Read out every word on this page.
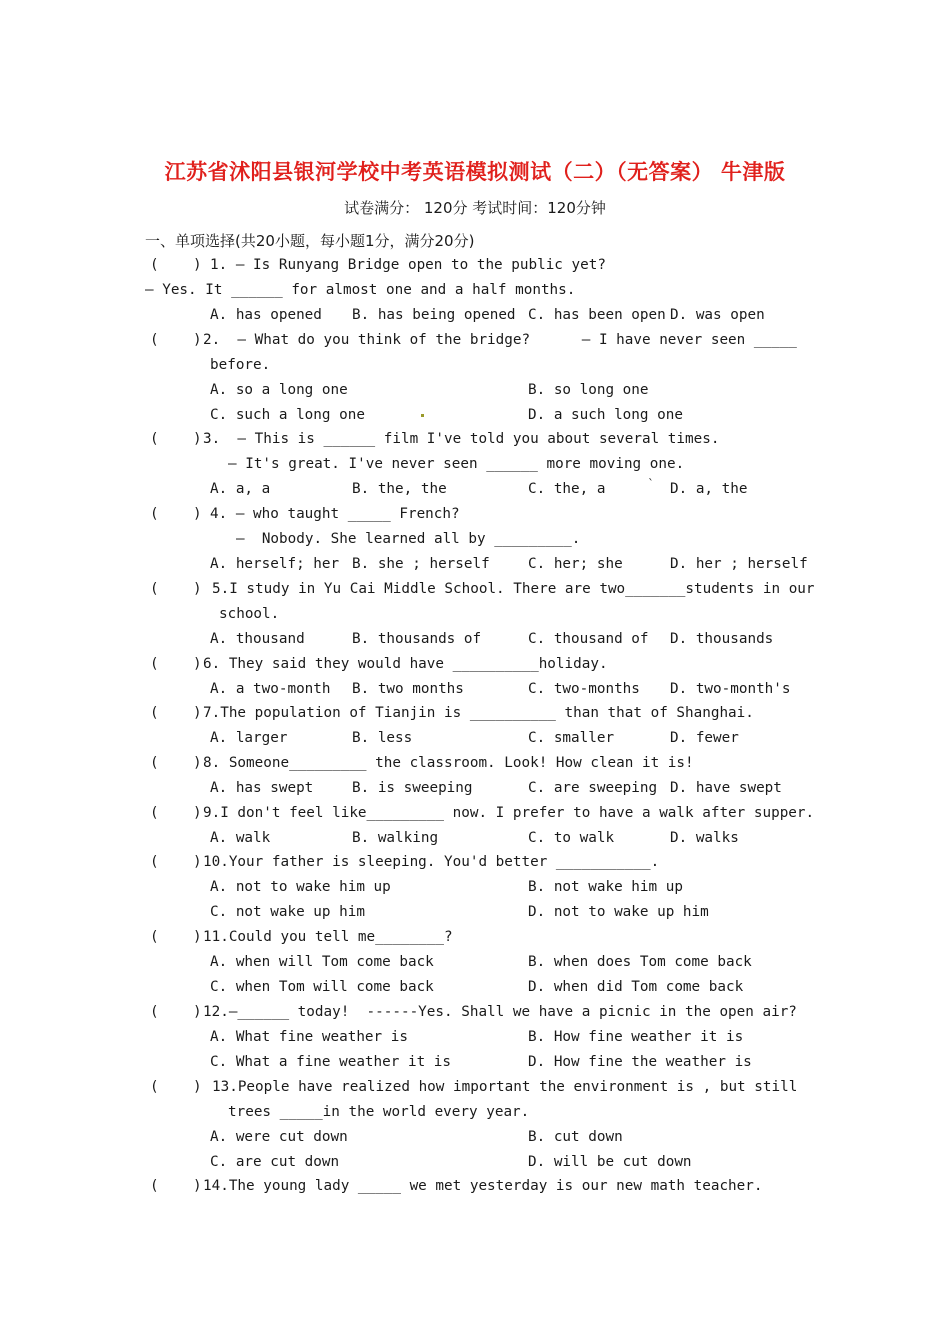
江苏省沭阳县银河学校中考英语模拟测试（二）（无答案） 牛津版
试卷满分： 120分 考试时间：120分钟
一、单项选择(共20小题，每小题1分，满分20分)
(    ) 1. — Is Runyang Bridge open to the public yet?
— Yes. It ______ for almost one and a half months.
A. has opened B. has being opened C. has been open D. was open
(    ) 2.  — What do you think of the bridge?      — I have never seen _____
before.
A. so a long one	B. so long one
C. such a long one	D. a such long one
(    ) 3.  — This is ______ film I've told you about several times.
— It's great. I've never seen ______ more moving one.
A. a, a	B. the, the	C. the, a	D. a, the
(    ) 4. — who taught _____ French?
—  Nobody. She learned all by _________.
A. herself; her B. she ; herself	C. her; she	D. her ; herself
(    ) 5.I study in Yu Cai Middle School. There are two_______students in our
school.
A. thousand	B. thousands of	C. thousand of D. thousands
(    ) 6. They said they would have __________holiday.
A. a two-month B. two months	C. two-months D. two-month's
(    ) 7.The population of Tianjin is __________ than that of Shanghai.
A. larger	B. less	C. smaller	D. fewer
(    ) 8. Someone_________ the classroom. Look! How clean it is!
A. has swept	B. is sweeping	C. are sweeping D. have swept
(    ) 9.I don't feel like_________ now. I prefer to have a walk after supper.
A. walk	B. walking	C. to walk	D. walks
(    ) 10.Your father is sleeping. You'd better ___________.
A. not to wake him up	B. not wake him up
C. not wake up him	D. not to wake up him
(    ) 11.Could you tell me________?
A. when will Tom come back	B. when does Tom come back
C. when Tom will come back	D. when did Tom come back
(    ) 12.—______ today!  ------Yes. Shall we have a picnic in the open air?
A. What fine weather is	B. How fine weather it is
C. What a fine weather it is	D. How fine the weather is
(    ) 13.People have realized how important the environment is , but still
trees _____in the world every year.
A. were cut down	B. cut down
C. are cut down	D. will be cut down
(    ) 14.The young lady _____ we met yesterday is our new math teacher.
`
